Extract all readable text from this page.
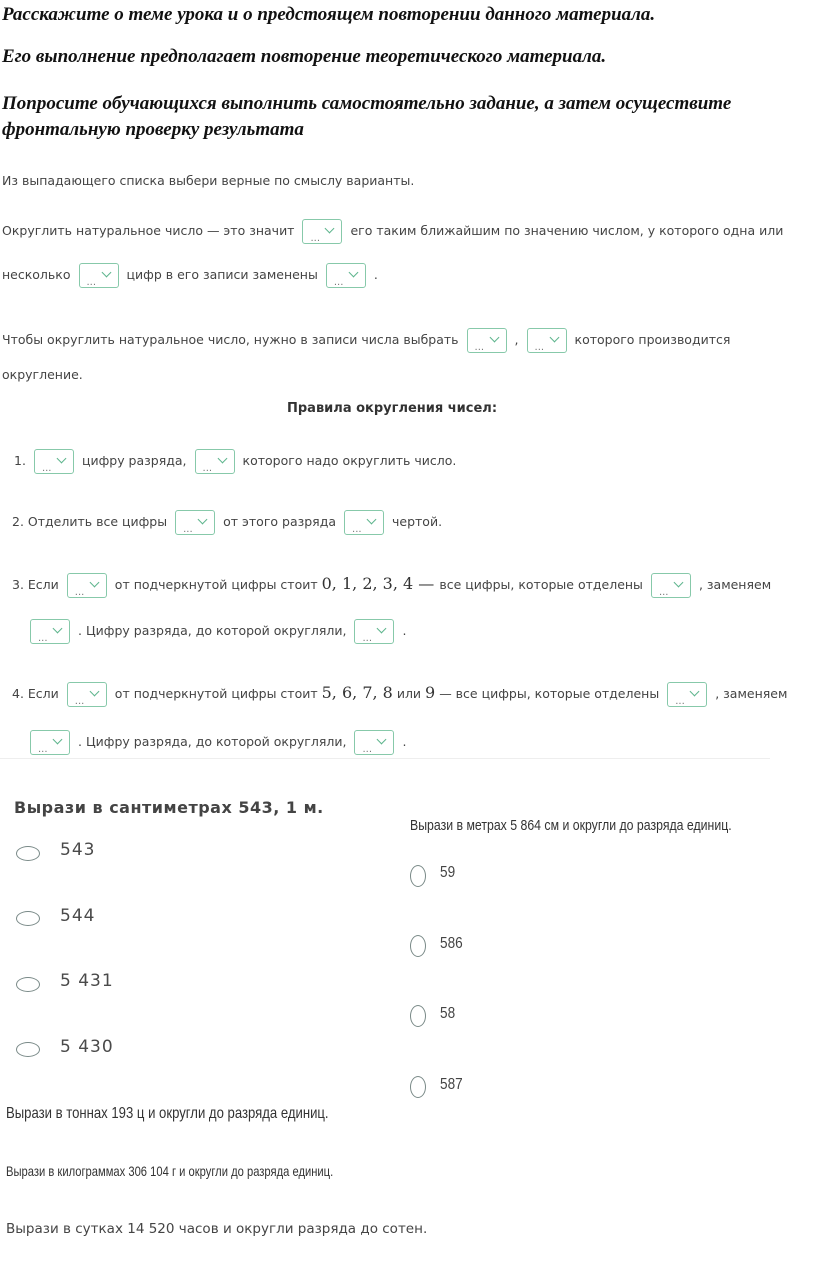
Расскажите о теме урока и о предстоящем повторении данного материала.
Его выполнение предполагает повторение теоретического материала.
Попросите обучающихся выполнить самостоятельно задание, а затем осуществите
фронтальную проверку результата
Из выпадающего списка выбери верные по смыслу варианты.
Округлить натуральное число — это значит
...
его таким ближайшим по значению числом, у которого одна или
несколько
...
цифр в его записи заменены
...
.
Чтобы округлить натуральное число, нужно в записи числа выбрать
...
,
...
которого производится
округление.
Правила округления чисел:
1.
...
цифру разряда,
...
которого надо округлить число.
2. Отделить все цифры
...
от этого разряда
...
чертой.
3. Если
...
от подчеркнутой цифры стоит 0, 1, 2, 3, 4 — все цифры, которые отделены
...
, заменяем
...
. Цифру разряда, до которой округляли,
...
.
4. Если
...
от подчеркнутой цифры стоит 5, 6, 7, 8 или 9 — все цифры, которые отделены
...
, заменяем
...
. Цифру разряда, до которой округляли,
...
.
Вырази в сантиметрах 543, 1 м.
543
544
5 431
5 430
Вырази в метрах 5 864 см и округли до разряда единиц.
59
586
58
587
Вырази в тоннах 193 ц и округли до разряда единиц.
Вырази в килограммах 306 104 г и округли до разряда единиц.
Вырази в сутках 14 520 часов и округли разряда до сотен.
